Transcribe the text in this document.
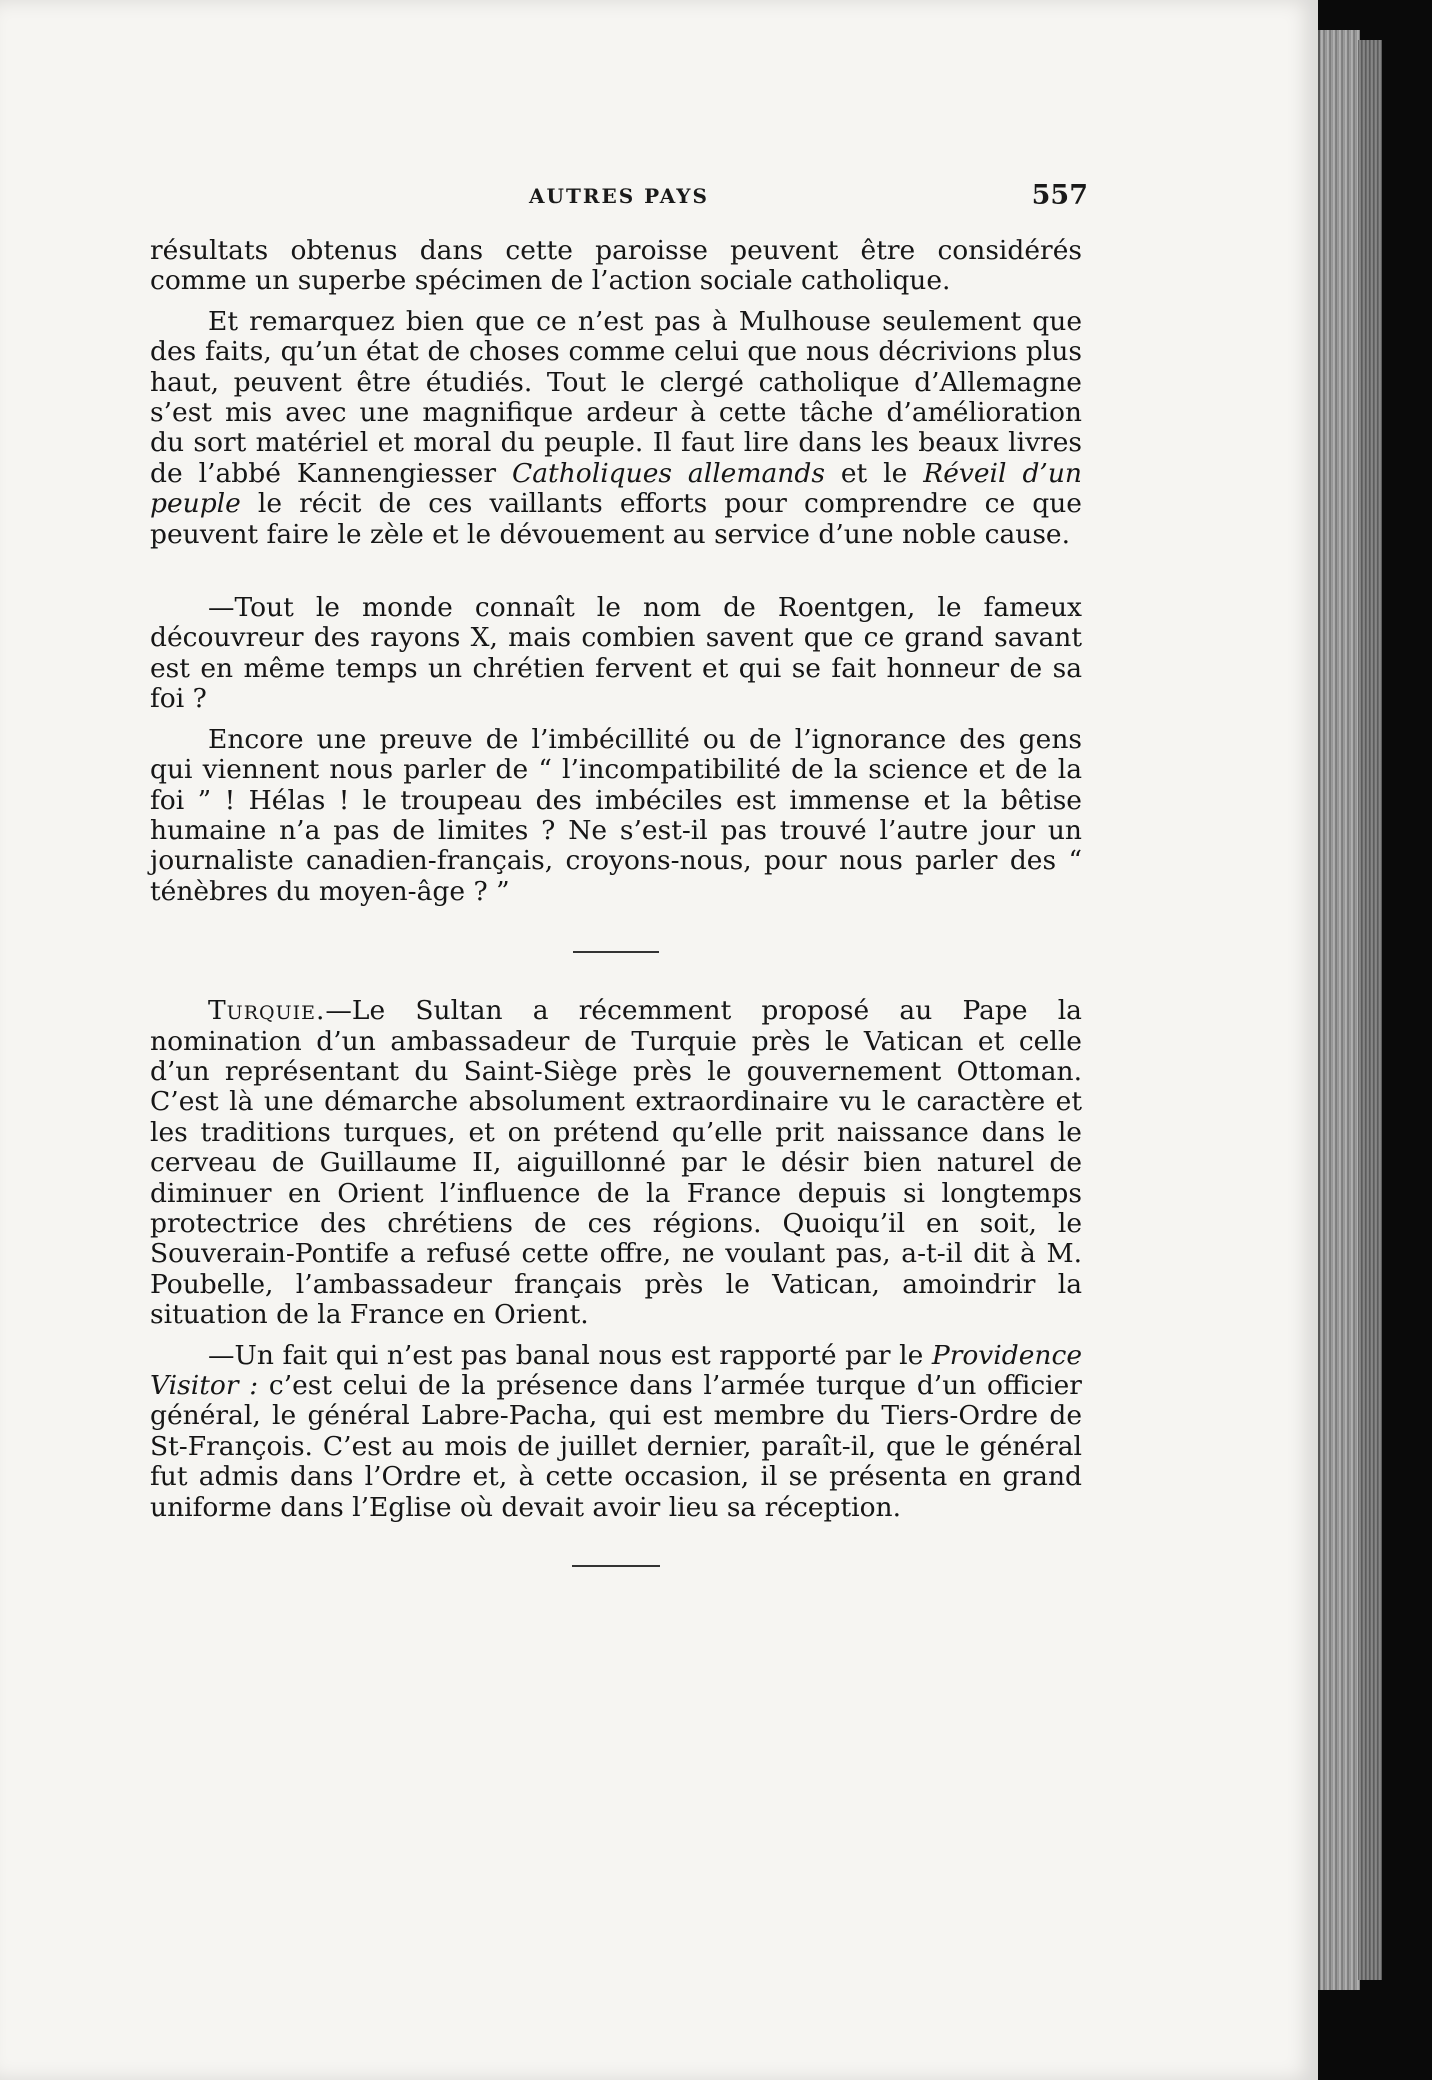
AUTRES PAYS	557

résultats obtenus dans cette paroisse peuvent être considérés comme un superbe spécimen de l’action sociale catholique.

Et remarquez bien que ce n’est pas à Mulhouse seulement que des faits, qu’un état de choses comme celui que nous décrivions plus haut, peuvent être étudiés. Tout le clergé catholique d’Allemagne s’est mis avec une magnifique ardeur à cette tâche d’amélioration du sort matériel et moral du peuple. Il faut lire dans les beaux livres de l’abbé Kannengiesser Catholiques allemands et le Réveil d’un peuple le récit de ces vaillants efforts pour comprendre ce que peuvent faire le zèle et le dévouement au service d’une noble cause.

—Tout le monde connaît le nom de Roentgen, le fameux découvreur des rayons X, mais combien savent que ce grand savant est en même temps un chrétien fervent et qui se fait honneur de sa foi ?

Encore une preuve de l’imbécillité ou de l’ignorance des gens qui viennent nous parler de “ l’incompatibilité de la science et de la foi ” ! Hélas ! le troupeau des imbéciles est immense et la bêtise humaine n’a pas de limites ? Ne s’est-il pas trouvé l’autre jour un journaliste canadien-français, croyons-nous, pour nous parler des “ ténèbres du moyen-âge ? ”

Turquie.—Le Sultan a récemment proposé au Pape la nomination d’un ambassadeur de Turquie près le Vatican et celle d’un représentant du Saint-Siège près le gouvernement Ottoman. C’est là une démarche absolument extraordinaire vu le caractère et les traditions turques, et on prétend qu’elle prit naissance dans le cerveau de Guillaume II, aiguillonné par le désir bien naturel de diminuer en Orient l’influence de la France depuis si longtemps protectrice des chrétiens de ces régions. Quoiqu’il en soit, le Souverain-Pontife a refusé cette offre, ne voulant pas, a-t-il dit à M. Poubelle, l’ambassadeur français près le Vatican, amoindrir la situation de la France en Orient.

—Un fait qui n’est pas banal nous est rapporté par le Providence Visitor : c’est celui de la présence dans l’armée turque d’un officier général, le général Labre-Pacha, qui est membre du Tiers-Ordre de St-François. C’est au mois de juillet dernier, paraît-il, que le général fut admis dans l’Ordre et, à cette occasion, il se présenta en grand uniforme dans l’Eglise où devait avoir lieu sa réception.
